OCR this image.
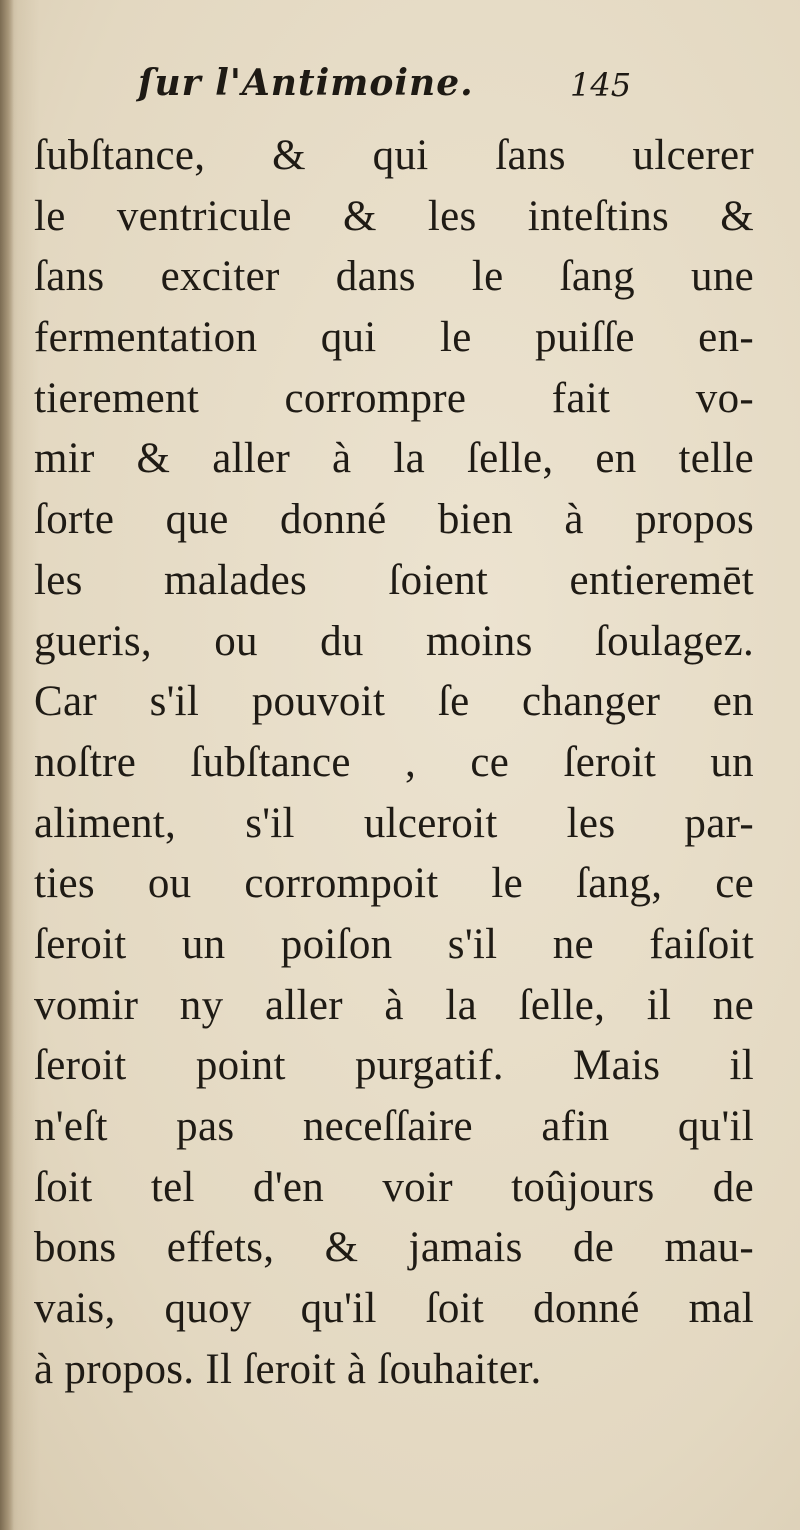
ſur l'Antimoine.	145
ſubſtance, & qui ſans ulcerer
le ventricule & les inteſtins &
ſans exciter dans le ſang une
fermentation qui le puiſſe en-
tierement corrompre fait vo-
mir & aller à la ſelle, en telle
ſorte que donné bien à propos
les malades ſoient entieremēt
gueris, ou du moins ſoulagez.
Car s'il pouvoit ſe changer en
noſtre ſubſtance , ce ſeroit un
aliment, s'il ulceroit les par-
ties ou corrompoit le ſang, ce
ſeroit un poiſon s'il ne faiſoit
vomir ny aller à la ſelle, il ne
ſeroit point purgatif. Mais il
n'eſt pas neceſſaire afin qu'il
ſoit tel d'en voir toûjours de
bons effets, & jamais de mau-
vais, quoy qu'il ſoit donné mal
à propos. Il ſeroit à ſouhaiter.
